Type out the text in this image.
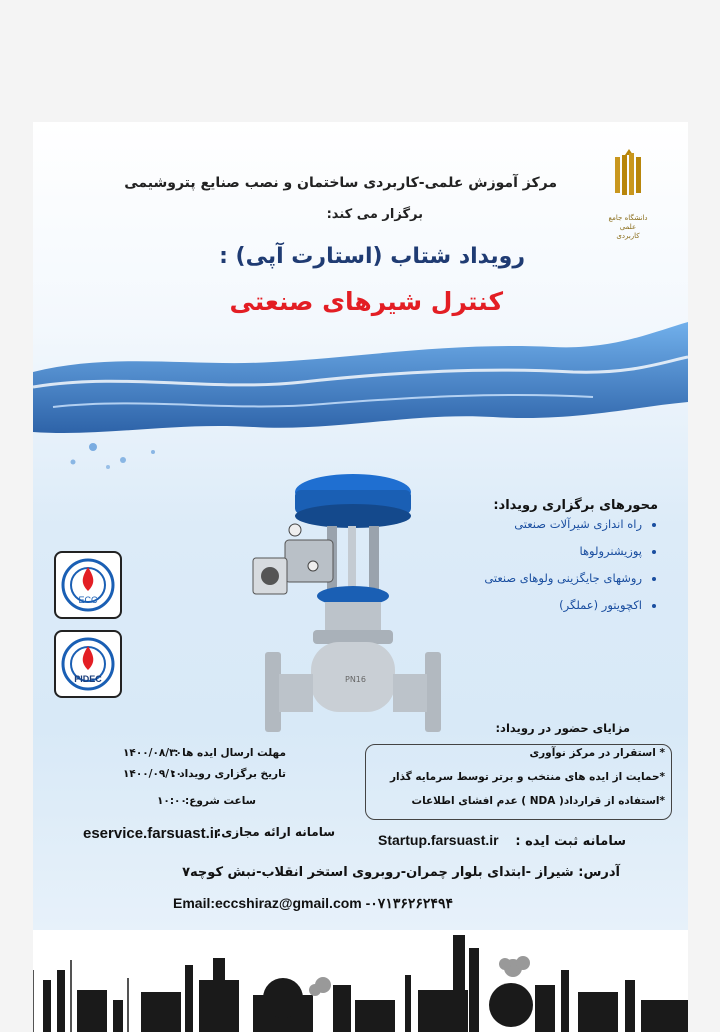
دانشگاه جامع علمی کاربردی
مرکز آموزش علمی-کاربردی ساختمان و نصب صنایع پتروشیمی
برگزار می کند:
رویداد شتاب (استارت آپی) :
کنترل شیرهای صنعتی
PN16
محورهای برگزاری رویداد:
• راه اندازی شیرآلات صنعتی
• پوزیشنرولوها
• روشهای جایگزینی ولوهای صنعتی
• اکچویتور (عملگر)
ECC
PIDEC
مزایای حضور در رویداد:
* استقرار در مرکز نوآوری
*حمایت از ایده های منتخب و برتر توسط سرمایه گذار
*استفاده از قرارداد( NDA ) عدم افشای اطلاعات
مهلت ارسال ایده ها :
۱۴۰۰/۰۸/۳۰
تاریخ برگزاری رویداد :
۱۴۰۰/۰۹/۱۰
ساعت شروع:
۱۰:۰۰
سامانه ثبت ایده :
Startup.farsuast.ir
سامانه ارائه مجازی:
eservice.farsuast.ir
آدرس: شیراز -ابتدای بلوار چمران-روبروی استخر انقلاب-نبش کوچه۷
Email:eccshiraz@gmail.com -۰۷۱۳۶۲۶۲۴۹۴
